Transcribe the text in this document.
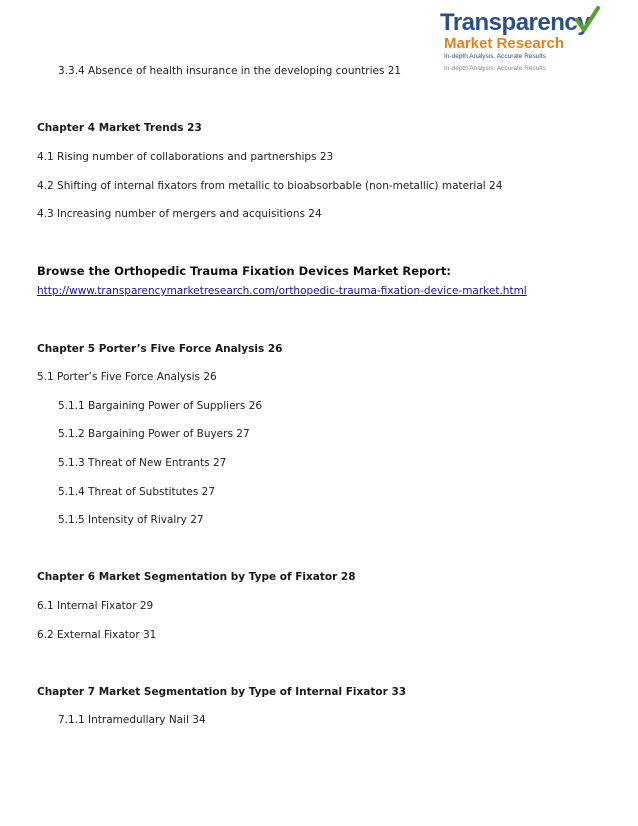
Transparency
Market Research
In-depth Analysis. Accurate Results
In-depth Analysis. Accurate Results
3.3.4 Absence of health insurance in the developing countries 21
Chapter 4 Market Trends 23
4.1 Rising number of collaborations and partnerships 23
4.2 Shifting of internal fixators from metallic to bioabsorbable (non-metallic) material 24
4.3 Increasing number of mergers and acquisitions 24
Browse the Orthopedic Trauma Fixation Devices Market Report:
http://www.transparencymarketresearch.com/orthopedic-trauma-fixation-device-market.html
Chapter 5 Porter’s Five Force Analysis 26
5.1 Porter’s Five Force Analysis 26
5.1.1 Bargaining Power of Suppliers 26
5.1.2 Bargaining Power of Buyers 27
5.1.3 Threat of New Entrants 27
5.1.4 Threat of Substitutes 27
5.1.5 Intensity of Rivalry 27
Chapter 6 Market Segmentation by Type of Fixator 28
6.1 Internal Fixator 29
6.2 External Fixator 31
Chapter 7 Market Segmentation by Type of Internal Fixator 33
7.1.1 Intramedullary Nail 34
